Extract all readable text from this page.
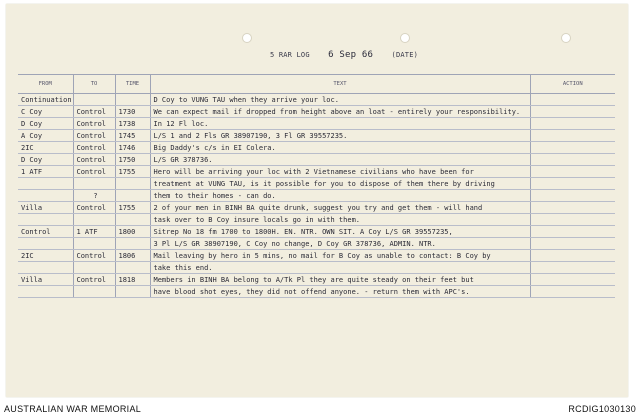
5 RAR LOG 6 Sep 66	(DATE)
FROM	TO	TIME	TEXT	ACTION
Continuation			D Coy to VUNG TAU when they arrive your loc.	
C Coy	Control	1730	We can expect mail if dropped from height above an loat - entirely your responsibility.	
D Coy	Control	1738	In 12 Fl loc.	
A Coy	Control	1745	L/S 1 and 2 Fls GR 38907190, 3 Fl GR 39557235.	
2IC	Control	1746	Big Daddy's c/s in EI Colera.	
D Coy	Control	1750	L/S GR 378736.	
1 ATF	Control	1755	Hero will be arriving your loc with 2 Vietnamese civilians who have been for	
			treatment at VUNG TAU, is it possible for you to dispose of them there by driving	
	?		them to their homes - can do.	
Villa	Control	1755	2 of your men in BINH BA quite drunk, suggest you try and get them - will hand	
			task over to B Coy insure locals go in with them.	
Control	1 ATF	1800	Sitrep No 18 fm 1700 to 1800H. EN. NTR. OWN SIT. A Coy L/S GR 39557235,	
			3 Pl L/S GR 38907190, C Coy no change, D Coy GR 378736, ADMIN. NTR.	
2IC	Control	1806	Mail leaving by hero in 5 mins, no mail for B Coy as unable to contact: B Coy by	
			take this end.	
Villa	Control	1818	Members in BINH BA belong to A/Tk Pl they are quite steady on their feet but	
			have blood shot eyes, they did not offend anyone. - return them with APC's.	
AUSTRALIAN WAR MEMORIAL	RCDIG1030130
